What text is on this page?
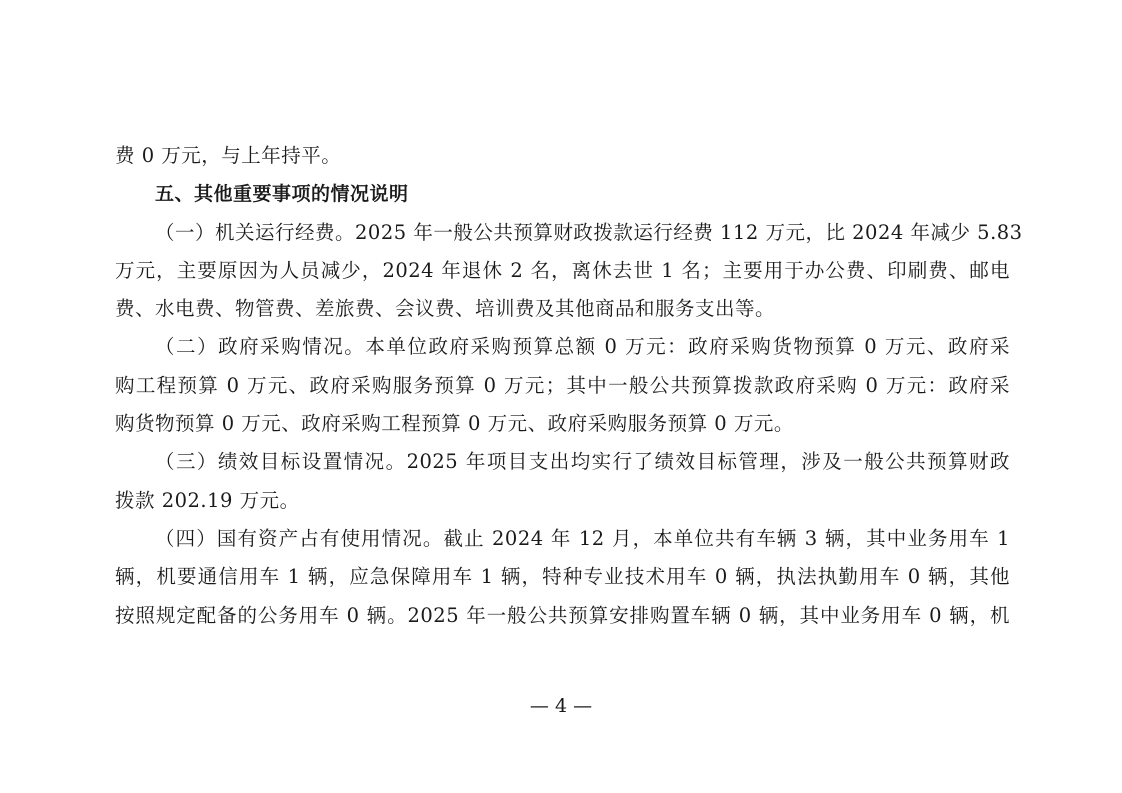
费 0 万元，与上年持平。
五、其他重要事项的情况说明
（一）机关运行经费。2025 年一般公共预算财政拨款运行经费 112 万元，比 2024 年减少 5.83
万元，主要原因为人员减少，2024 年退休 2 名，离休去世 1 名；主要用于办公费、印刷费、邮电
费、水电费、物管费、差旅费、会议费、培训费及其他商品和服务支出等。
（二）政府采购情况。本单位政府采购预算总额 0 万元：政府采购货物预算 0 万元、政府采
购工程预算 0 万元、政府采购服务预算 0 万元；其中一般公共预算拨款政府采购 0 万元：政府采
购货物预算 0 万元、政府采购工程预算 0 万元、政府采购服务预算 0 万元。
（三）绩效目标设置情况。2025 年项目支出均实行了绩效目标管理，涉及一般公共预算财政
拨款 202.19 万元。
（四）国有资产占有使用情况。截止 2024 年 12 月，本单位共有车辆 3 辆，其中业务用车 1
辆，机要通信用车 1 辆，应急保障用车 1 辆，特种专业技术用车 0 辆，执法执勤用车 0 辆，其他
按照规定配备的公务用车 0 辆。2025 年一般公共预算安排购置车辆 0 辆，其中业务用车 0 辆，机
— 4 —
